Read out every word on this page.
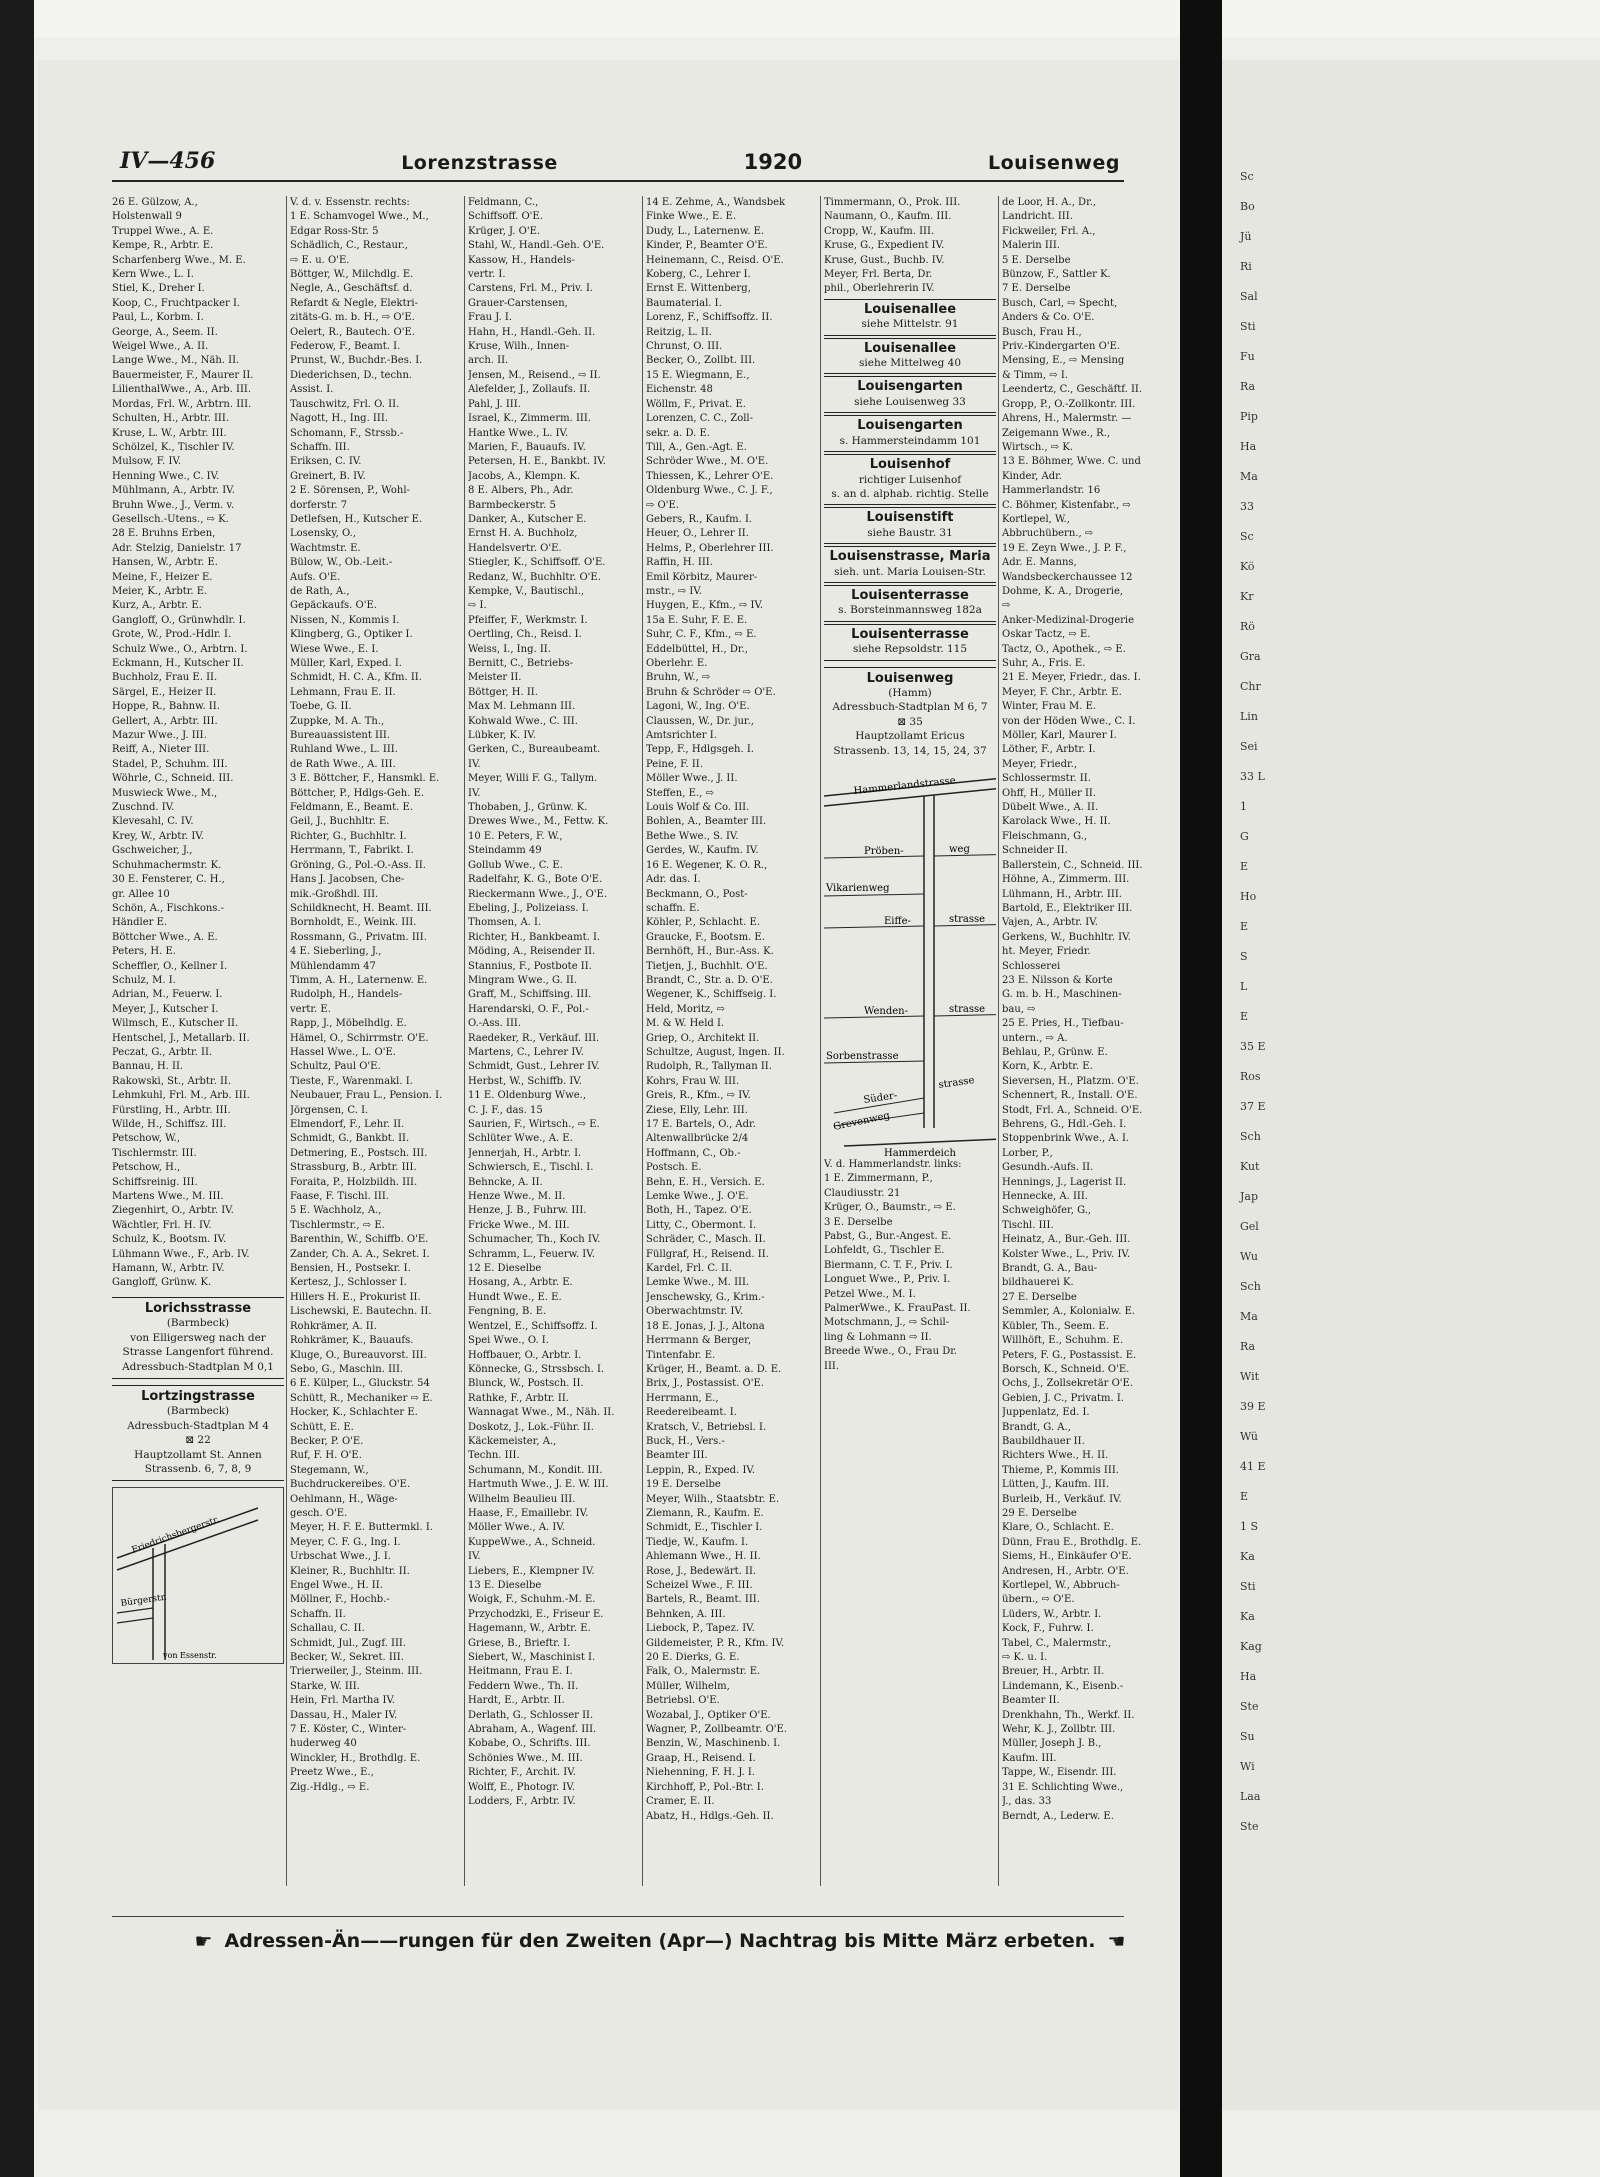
Sc
Bo
Jü
Ri
Sal
Sti
Fu
Ra
Pip
Ha
Ma
33
Sc
Kö
Kr
Rö
Gra
Chr
Lin
Sei
33 L
1
G
E
Ho
E
S
L
E
35 E
Ros
37 E
Sch
Kut
Jap
Gel
Wu
Sch
Ma
Ra
Wit
39 E
Wü
41 E
E
1 S
Ka
Sti
Ka
Kag
Ha
Ste
Su
Wi
Laa
Ste
IV—456	Lorenzstrasse	1920	Louisenweg
26 E. Gülzow, A.,
Holstenwall 9
Truppel Wwe., A. E.
Kempe, R., Arbtr. E.
Scharfenberg Wwe., M. E.
Kern Wwe., L. I.
Stiel, K., Dreher I.
Koop, C., Fruchtpacker I.
Paul, L., Korbm. I.
George, A., Seem. II.
Weigel Wwe., A. II.
Lange Wwe., M., Näh. II.
Bauermeister, F., Maurer II.
LilienthalWwe., A., Arb. III.
Mordas, Frl. W., Arbtrn. III.
Schulten, H., Arbtr. III.
Kruse, L. W., Arbtr. III.
Schölzel, K., Tischler IV.
Mulsow, F. IV.
Henning Wwe., C. IV.
Mühlmann, A., Arbtr. IV.
Bruhn Wwe., J., Verm. v.
Gesellsch.-Utens., ⇨ K.
28 E. Bruhns Erben,
Adr. Stelzig, Danielstr. 17
Hansen, W., Arbtr. E.
Meine, F., Heizer E.
Meier, K., Arbtr. E.
Kurz, A., Arbtr. E.
Gangloff, O., Grünwhdlr. I.
Grote, W., Prod.-Hdlr. I.
Schulz Wwe., O., Arbtrn. I.
Eckmann, H., Kutscher II.
Buchholz, Frau E. II.
Särgel, E., Heizer II.
Hoppe, R., Bahnw. II.
Gellert, A., Arbtr. III.
Mazur Wwe., J. III.
Reiff, A., Nieter III.
Stadel, P., Schuhm. III.
Wöhrle, C., Schneid. III.
Muswieck Wwe., M.,
Zuschnd. IV.
Klevesahl, C. IV.
Krey, W., Arbtr. IV.
Gschweicher, J.,
Schuhmachermstr. K.
30 E. Fensterer, C. H.,
gr. Allee 10
Schön, A., Fischkons.-
Händler E.
Böttcher Wwe., A. E.
Peters, H. E.
Scheffler, O., Kellner I.
Schulz, M. I.
Adrian, M., Feuerw. I.
Meyer, J., Kutscher I.
Wilmsch, E., Kutscher II.
Hentschel, J., Metallarb. II.
Peczat, G., Arbtr. II.
Bannau, H. II.
Rakowski, St., Arbtr. II.
Lehmkuhl, Frl. M., Arb. III.
Fürstling, H., Arbtr. III.
Wilde, H., Schiffsz. III.
Petschow, W.,
Tischlermstr. III.
Petschow, H.,
Schiffsreinig. III.
Martens Wwe., M. III.
Ziegenhirt, O., Arbtr. IV.
Wächtler, Frl. H. IV.
Schulz, K., Bootsm. IV.
Lühmann Wwe., F., Arb. IV.
Hamann, W., Arbtr. IV.
Gangloff, Grünw. K.
Lorichsstrasse
(Barmbeck)
von Elligersweg nach der
Strasse Langenfort führend.
Adressbuch-Stadtplan M 0,1
Lortzingstrasse
(Barmbeck)
Adressbuch-Stadtplan M 4
⊠ 22
Hauptzollamt St. Annen
Strassenb. 6, 7, 8, 9
Friedrichsbergerstr.
Bürgerstr.
von Essenstr.
V. d. v. Essenstr. rechts:
1 E. Schamvogel Wwe., M.,
Edgar Ross-Str. 5
Schädlich, C., Restaur.,
⇨ E. u. O'E.
Böttger, W., Milchdlg. E.
Negle, A., Geschäftsf. d.
Refardt & Negle, Elektri-
zitäts-G. m. b. H., ⇨ O'E.
Oelert, R., Bautech. O'E.
Federow, F., Beamt. I.
Prunst, W., Buchdr.-Bes. I.
Diederichsen, D., techn.
Assist. I.
Tauschwitz, Frl. O. II.
Nagott, H., Ing. III.
Schomann, F., Strssb.-
Schaffn. III.
Eriksen, C. IV.
Greinert, B. IV.
2 E. Sörensen, P., Wohl-
dorferstr. 7
Detlefsen, H., Kutscher E.
Losensky, O.,
Wachtmstr. E.
Bülow, W., Ob.-Leit.-
Aufs. O'E.
de Rath, A.,
Gepäckaufs. O'E.
Nissen, N., Kommis I.
Klingberg, G., Optiker I.
Wiese Wwe., E. I.
Müller, Karl, Exped. I.
Schmidt, H. C. A., Kfm. II.
Lehmann, Frau E. II.
Toebe, G. II.
Zuppke, M. A. Th.,
Bureauassistent III.
Ruhland Wwe., L. III.
de Rath Wwe., A. III.
3 E. Böttcher, F., Hansmkl. E.
Böttcher, P., Hdlgs-Geh. E.
Feldmann, E., Beamt. E.
Geil, J., Buchhltr. E.
Richter, G., Buchhltr. I.
Herrmann, T., Fabrikt. I.
Gröning, G., Pol.-O.-Ass. II.
Hans J. Jacobsen, Che-
mik.-Großhdl. III.
Schildknecht, H. Beamt. III.
Bornholdt, E., Weink. III.
Rossmann, G., Privatm. III.
4 E. Sieberling, J.,
Mühlendamm 47
Timm, A. H., Laternenw. E.
Rudolph, H., Handels-
vertr. E.
Rapp, J., Möbelhdlg. E.
Hämel, O., Schirrmstr. O'E.
Hassel Wwe., L. O'E.
Schultz, Paul O'E.
Tieste, F., Warenmakl. I.
Neubauer, Frau L., Pension. I.
Jörgensen, C. I.
Elmendorf, F., Lehr. II.
Schmidt, G., Bankbt. II.
Detmering, E., Postsch. III.
Strassburg, B., Arbtr. III.
Foraita, P., Holzbildh. III.
Faase, F. Tischl. III.
5 E. Wachholz, A.,
Tischlermstr., ⇨ E.
Barenthin, W., Schiffb. O'E.
Zander, Ch. A. A., Sekret. I.
Bensien, H., Postsekr. I.
Kertesz, J., Schlosser I.
Hillers H. E., Prokurist II.
Lischewski, E. Bautechn. II.
Rohkrämer, A. II.
Rohkrämer, K., Bauaufs.
Kluge, O., Bureauvorst. III.
Sebo, G., Maschin. III.
6 E. Külper, L., Gluckstr. 54
Schütt, R., Mechaniker ⇨ E.
Hocker, K., Schlachter E.
Schütt, E. E.
Becker, P. O'E.
Ruf, F. H. O'E.
Stegemann, W.,
Buchdruckereibes. O'E.
Oehlmann, H., Wäge-
gesch. O'E.
Meyer, H. F. E. Buttermkl. I.
Meyer, C. F. G., Ing. I.
Urbschat Wwe., J. I.
Kleiner, R., Buchhltr. II.
Engel Wwe., H. II.
Möllner, F., Hochb.-
Schaffn. II.
Schallau, C. II.
Schmidt, Jul., Zugf. III.
Becker, W., Sekret. III.
Trierweiler, J., Steinm. III.
Starke, W. III.
Hein, Frl. Martha IV.
Dassau, H., Maler IV.
7 E. Köster, C., Winter-
huderweg 40
Winckler, H., Brothdlg. E.
Preetz Wwe., E.,
Zig.-Hdlg., ⇨ E.
Feldmann, C.,
Schiffsoff. O'E.
Krüger, J. O'E.
Stahl, W., Handl.-Geh. O'E.
Kassow, H., Handels-
vertr. I.
Carstens, Frl. M., Priv. I.
Grauer-Carstensen,
Frau J. I.
Hahn, H., Handl.-Geh. II.
Kruse, Wilh., Innen-
arch. II.
Jensen, M., Reisend., ⇨ II.
Alefelder, J., Zollaufs. II.
Pahl, J. III.
Israel, K., Zimmerm. III.
Hantke Wwe., L. IV.
Marien, F., Bauaufs. IV.
Petersen, H. E., Bankbt. IV.
Jacobs, A., Klempn. K.
8 E. Albers, Ph., Adr.
Barmbeckerstr. 5
Danker, A., Kutscher E.
Ernst H. A. Buchholz,
Handelsvertr. O'E.
Stiegler, K., Schiffsoff. O'E.
Redanz, W., Buchhltr. O'E.
Kempke, V., Bautischl.,
⇨ I.
Pfeiffer, F., Werkmstr. I.
Oertling, Ch., Reisd. I.
Weiss, I., Ing. II.
Bernitt, C., Betriebs-
Meister II.
Böttger, H. II.
Max M. Lehmann III.
Kohwald Wwe., C. III.
Lübker, K. IV.
Gerken, C., Bureaubeamt.
IV.
Meyer, Willi F. G., Tallym.
IV.
Thobaben, J., Grünw. K.
Drewes Wwe., M., Fettw. K.
10 E. Peters, F. W.,
Steindamm 49
Gollub Wwe., C. E.
Radelfahr, K. G., Bote O'E.
Rieckermann Wwe., J., O'E.
Ebeling, J., Polizeiass. I.
Thomsen, A. I.
Richter, H., Bankbeamt. I.
Möding, A., Reisender II.
Stannius, F., Postbote II.
Mingram Wwe., G. II.
Graff, M., Schiffsing. III.
Harendarski, O. F., Pol.-
O.-Ass. III.
Raedeker, R., Verkäuf. III.
Martens, C., Lehrer IV.
Schmidt, Gust., Lehrer IV.
Herbst, W., Schiffb. IV.
11 E. Oldenburg Wwe.,
C. J. F., das. 15
Saurien, F., Wirtsch., ⇨ E.
Schlüter Wwe., A. E.
Jennerjah, H., Arbtr. I.
Schwiersch, E., Tischl. I.
Behncke, A. II.
Henze Wwe., M. II.
Henze, J. B., Fuhrw. III.
Fricke Wwe., M. III.
Schumacher, Th., Koch IV.
Schramm, L., Feuerw. IV.
12 E. Dieselbe
Hosang, A., Arbtr. E.
Hundt Wwe., E. E.
Fengning, B. E.
Wentzel, E., Schiffsoffz. I.
Spei Wwe., O. I.
Hoffbauer, O., Arbtr. I.
Könnecke, G., Strssbsch. I.
Blunck, W., Postsch. II.
Rathke, F., Arbtr. II.
Wannagat Wwe., M., Näh. II.
Doskotz, J., Lok.-Führ. II.
Käckemeister, A.,
Techn. III.
Schumann, M., Kondit. III.
Hartmuth Wwe., J. E. W. III.
Wilhelm Beaulieu III.
Haase, F., Emaillebr. IV.
Möller Wwe., A. IV.
KuppeWwe., A., Schneid.
IV.
Liebers, E., Klempner IV.
13 E. Dieselbe
Woigk, F., Schuhm.-M. E.
Przychodzki, E., Friseur E.
Hagemann, W., Arbtr. E.
Griese, B., Brieftr. I.
Siebert, W., Maschinist I.
Heitmann, Frau E. I.
Feddern Wwe., Th. II.
Hardt, E., Arbtr. II.
Derlath, G., Schlosser II.
Abraham, A., Wagenf. III.
Kobabe, O., Schrifts. III.
Schönies Wwe., M. III.
Richter, F., Archit. IV.
Wolff, E., Photogr. IV.
Lodders, F., Arbtr. IV.
14 E. Zehme, A., Wandsbek
Finke Wwe., E. E.
Dudy, L., Laternenw. E.
Kinder, P., Beamter O'E.
Heinemann, C., Reisd. O'E.
Koberg, C., Lehrer I.
Ernst E. Wittenberg,
Baumaterial. I.
Lorenz, F., Schiffsoffz. II.
Reitzig, L. II.
Chrunst, O. III.
Becker, O., Zollbt. III.
15 E. Wiegmann, E.,
Eichenstr. 48
Wöllm, F., Privat. E.
Lorenzen, C. C., Zoll-
sekr. a. D. E.
Till, A., Gen.-Agt. E.
Schröder Wwe., M. O'E.
Thiessen, K., Lehrer O'E.
Oldenburg Wwe., C. J. F.,
⇨ O'E.
Gebers, R., Kaufm. I.
Heuer, O., Lehrer II.
Helms, P., Oberlehrer III.
Raffin, H. III.
Emil Körbitz, Maurer-
mstr., ⇨ IV.
Huygen, E., Kfm., ⇨ IV.
15a E. Suhr, F. E. E.
Suhr, C. F., Kfm., ⇨ E.
Eddelbüttel, H., Dr.,
Oberlehr. E.
Bruhn, W., ⇨
Bruhn & Schröder ⇨ O'E.
Lagoni, W., Ing. O'E.
Claussen, W., Dr. jur.,
Amtsrichter I.
Tepp, F., Hdlgsgeh. I.
Peine, F. II.
Möller Wwe., J. II.
Steffen, E., ⇨
Louis Wolf & Co. III.
Bohlen, A., Beamter III.
Bethe Wwe., S. IV.
Gerdes, W., Kaufm. IV.
16 E. Wegener, K. O. R.,
Adr. das. I.
Beckmann, O., Post-
schaffn. E.
Köhler, P., Schlacht. E.
Graucke, F., Bootsm. E.
Bernhöft, H., Bur.-Ass. K.
Tietjen, J., Buchhlt. O'E.
Brandt, C., Str. a. D. O'E.
Wegener, K., Schiffseig. I.
Held, Moritz, ⇨
M. & W. Held I.
Griep, O., Architekt II.
Schultze, August, Ingen. II.
Rudolph, R., Tallyman II.
Kohrs, Frau W. III.
Greis, R., Kfm., ⇨ IV.
Ziese, Elly, Lehr. III.
17 E. Bartels, O., Adr.
Altenwallbrücke 2/4
Hoffmann, C., Ob.-
Postsch. E.
Behn, E. H., Versich. E.
Lemke Wwe., J. O'E.
Both, H., Tapez. O'E.
Litty, C., Obermont. I.
Schräder, C., Masch. II.
Füllgraf, H., Reisend. II.
Kardel, Frl. C. II.
Lemke Wwe., M. III.
Jenschewsky, G., Krim.-
Oberwachtmstr. IV.
18 E. Jonas, J. J., Altona
Herrmann & Berger,
Tintenfabr. E.
Krüger, H., Beamt. a. D. E.
Brix, J., Postassist. O'E.
Herrmann, E.,
Reedereibeamt. I.
Kratsch, V., Betriebsl. I.
Buck, H., Vers.-
Beamter III.
Leppin, R., Exped. IV.
19 E. Derselbe
Meyer, Wilh., Staatsbtr. E.
Ziemann, R., Kaufm. E.
Schmidt, E., Tischler I.
Tiedje, W., Kaufm. I.
Ahlemann Wwe., H. II.
Rose, J., Bedewärt. II.
Scheizel Wwe., F. III.
Bartels, R., Beamt. III.
Behnken, A. III.
Liebock, P., Tapez. IV.
Gildemeister, P. R., Kfm. IV.
20 E. Dierks, G. E.
Falk, O., Malermstr. E.
Müller, Wilhelm,
Betriebsl. O'E.
Wozabal, J., Optiker O'E.
Wagner, P., Zollbeamtr. O'E.
Benzin, W., Maschinenb. I.
Graap, H., Reisend. I.
Niehenning, F. H. J. I.
Kirchhoff, P., Pol.-Btr. I.
Cramer, E. II.
Abatz, H., Hdlgs.-Geh. II.
Timmermann, O., Prok. III.
Naumann, O., Kaufm. III.
Cropp, W., Kaufm. III.
Kruse, G., Expedient IV.
Kruse, Gust., Buchb. IV.
Meyer, Frl. Berta, Dr.
phil., Oberlehrerin IV.
Louisenallee
siehe Mittelstr. 91
Louisenallee
siehe Mittelweg 40
Louisengarten
siehe Louisenweg 33
Louisengarten
s. Hammersteindamm 101
Louisenhof
richtiger Luisenhof
s. an d. alphab. richtig. Stelle
Louisenstift
siehe Baustr. 31
Louisenstrasse, Maria
sieh. unt. Maria Louisen-Str.
Louisenterrasse
s. Borsteinmannsweg 182a
Louisenterrasse
siehe Repsoldstr. 115
Louisenweg
(Hamm)
Adressbuch-Stadtplan M 6, 7
⊠ 35
Hauptzollamt Ericus
Strassenb. 13, 14, 15, 24, 37
Hammerlandstrasse
Pröben-	weg
Vikarienweg
Eiffe-	strasse
Wenden-	strasse
Sorbenstrasse
Süder-
strasse
Grevenweg
Hammerdeich
V. d. Hammerlandstr. links:
1 E. Zimmermann, P.,
Claudiusstr. 21
Krüger, O., Baumstr., ⇨ E.
3 E. Derselbe
Pabst, G., Bur.-Angest. E.
Lohfeldt, G., Tischler E.
Biermann, C. T. F., Priv. I.
Longuet Wwe., P., Priv. I.
Petzel Wwe., M. I.
PalmerWwe., K. FrauPast. II.
Motschmann, J., ⇨ Schil-
ling & Lohmann ⇨ II.
Breede Wwe., O., Frau Dr.
III.
☛ Adressen-Än——rungen für den Zweiten (Apr—) Nachtrag bis Mitte März erbeten. ☚
de Loor, H. A., Dr.,
Landricht. III.
Fickweiler, Frl. A.,
Malerin III.
5 E. Derselbe
Bünzow, F., Sattler K.
7 E. Derselbe
Busch, Carl, ⇨ Specht,
Anders & Co. O'E.
Busch, Frau H.,
Priv.-Kindergarten O'E.
Mensing, E., ⇨ Mensing
& Timm, ⇨ I.
Leendertz, C., Geschäftf. II.
Gropp, P., O.-Zollkontr. III.
Ahrens, H., Malermstr. —
Zeigemann Wwe., R.,
Wirtsch., ⇨ K.
13 E. Böhmer, Wwe. C. und
Kinder, Adr.
Hammerlandstr. 16
C. Böhmer, Kistenfabr., ⇨
Kortlepel, W.,
Abbruchübern., ⇨
19 E. Zeyn Wwe., J. P. F.,
Adr. E. Manns,
Wandsbeckerchaussee 12
Dohme, K. A., Drogerie,
⇨
Anker-Medizinal-Drogerie
Oskar Tactz, ⇨ E.
Tactz, O., Apothek., ⇨ E.
Suhr, A., Fris. E.
21 E. Meyer, Friedr., das. I.
Meyer, F. Chr., Arbtr. E.
Winter, Frau M. E.
von der Höden Wwe., C. I.
Möller, Karl, Maurer I.
Löther, F., Arbtr. I.
Meyer, Friedr.,
Schlossermstr. II.
Ohff, H., Müller II.
Dübelt Wwe., A. II.
Karolack Wwe., H. II.
Fleischmann, G.,
Schneider II.
Ballerstein, C., Schneid. III.
Höhne, A., Zimmerm. III.
Lühmann, H., Arbtr. III.
Bartold, E., Elektriker III.
Vajen, A., Arbtr. IV.
Gerkens, W., Buchhltr. IV.
ht. Meyer, Friedr.
Schlosserei
23 E. Nilsson & Korte
G. m. b. H., Maschinen-
bau, ⇨
25 E. Pries, H., Tiefbau-
untern., ⇨ A.
Behlau, P., Grünw. E.
Korn, K., Arbtr. E.
Sieversen, H., Platzm. O'E.
Schennert, R., Install. O'E.
Stodt, Frl. A., Schneid. O'E.
Behrens, G., Hdl.-Geh. I.
Stoppenbrink Wwe., A. I.
Lorber, P.,
Gesundh.-Aufs. II.
Hennings, J., Lagerist II.
Hennecke, A. III.
Schweighöfer, G.,
Tischl. III.
Heinatz, A., Bur.-Geh. III.
Kolster Wwe., L., Priv. IV.
Brandt, G. A., Bau-
bildhauerei K.
27 E. Derselbe
Semmler, A., Kolonialw. E.
Kübler, Th., Seem. E.
Willhöft, E., Schuhm. E.
Peters, F. G., Postassist. E.
Borsch, K., Schneid. O'E.
Ochs, J., Zollsekretär O'E.
Gebien, J. C., Privatm. I.
Juppenlatz, Ed. I.
Brandt, G. A.,
Baubildhauer II.
Richters Wwe., H. II.
Thieme, P., Kommis III.
Lütten, J., Kaufm. III.
Burleib, H., Verkäuf. IV.
29 E. Derselbe
Klare, O., Schlacht. E.
Dünn, Frau E., Brothdlg. E.
Siems, H., Einkäufer O'E.
Andresen, H., Arbtr. O'E.
Kortlepel, W., Abbruch-
übern., ⇨ O'E.
Lüders, W., Arbtr. I.
Kock, F., Fuhrw. I.
Tabel, C., Malermstr.,
⇨ K. u. I.
Breuer, H., Arbtr. II.
Lindemann, K., Eisenb.-
Beamter II.
Drenkhahn, Th., Werkf. II.
Wehr, K. J., Zollbtr. III.
Müller, Joseph J. B.,
Kaufm. III.
Tappe, W., Eisendr. III.
31 E. Schlichting Wwe.,
J., das. 33
Berndt, A., Lederw. E.
